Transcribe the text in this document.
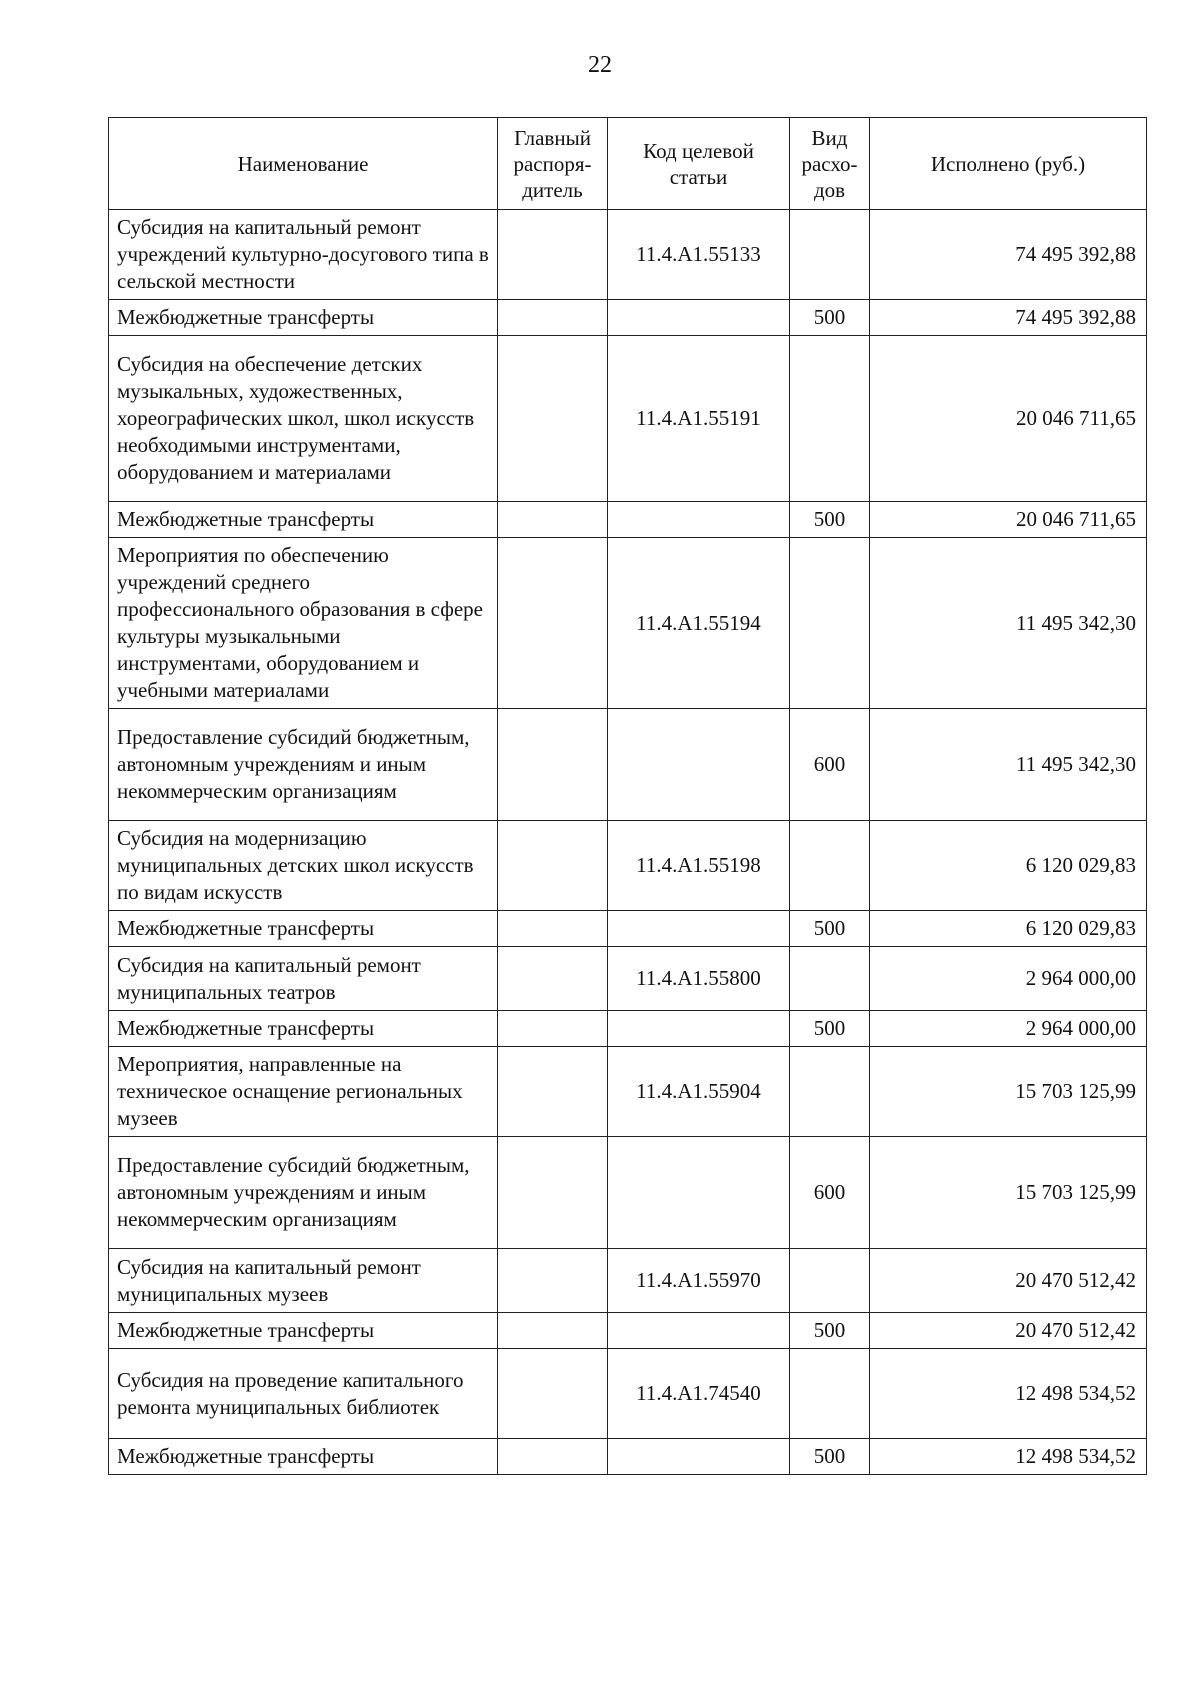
22
Наименование	Главный распоря-дитель	Код целевой статьи	Вид расхо-дов	Исполнено (руб.)
Субсидия на капитальный ремонт учреждений культурно-досугового типа в сельской местности		11.4.А1.55133		74 495 392,88
Межбюджетные трансферты			500	74 495 392,88
Субсидия на обеспечение детских музыкальных, художественных, хореографических школ, школ искусств необходимыми инструментами, оборудованием и материалами		11.4.А1.55191		20 046 711,65
Межбюджетные трансферты			500	20 046 711,65
Мероприятия по обеспечению учреждений среднего профессионального образования в сфере культуры музыкальными инструментами, оборудованием и учебными материалами		11.4.А1.55194		11 495 342,30
Предоставление субсидий бюджетным, автономным учреждениям и иным некоммерческим организациям			600	11 495 342,30
Субсидия на модернизацию муниципальных детских школ искусств по видам искусств		11.4.А1.55198		6 120 029,83
Межбюджетные трансферты			500	6 120 029,83
Субсидия на капитальный ремонт муниципальных театров		11.4.А1.55800		2 964 000,00
Межбюджетные трансферты			500	2 964 000,00
Мероприятия, направленные на техническое оснащение региональных музеев		11.4.А1.55904		15 703 125,99
Предоставление субсидий бюджетным, автономным учреждениям и иным некоммерческим организациям			600	15 703 125,99
Субсидия на капитальный ремонт муниципальных музеев		11.4.А1.55970		20 470 512,42
Межбюджетные трансферты			500	20 470 512,42
Субсидия на проведение капитального ремонта муниципальных библиотек		11.4.А1.74540		12 498 534,52
Межбюджетные трансферты			500	12 498 534,52
